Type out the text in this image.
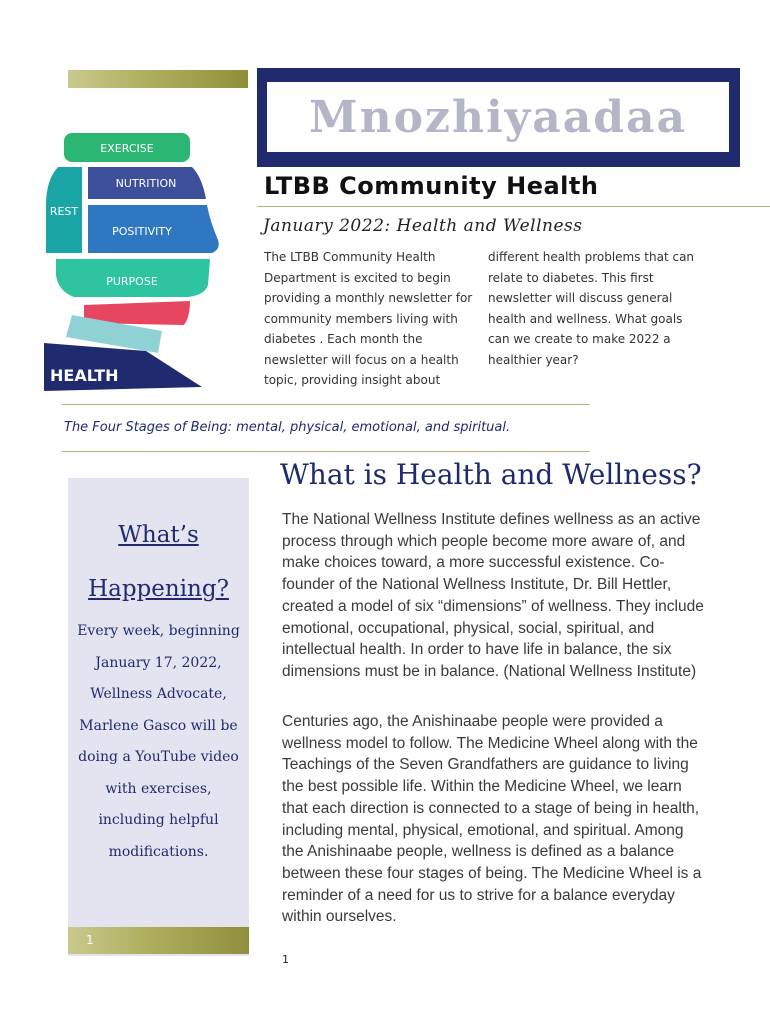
Mnozhiyaadaa
EXERCISE
REST
NUTRITION
POSITIVITY
PURPOSE
HEALTH
LTBB Community Health
January 2022: Health and Wellness
The LTBB Community Health Department is excited to begin providing a monthly newsletter for community members living with diabetes . Each month the newsletter will focus on a health topic, providing insight about
different health problems that can relate to diabetes. This first newsletter will discuss general health and wellness. What goals can we create to make 2022 a healthier year?
The Four Stages of Being: mental, physical, emotional, and spiritual.
What’s
Happening?
Every week, beginning January 17, 2022, Wellness Advocate, Marlene Gasco will be doing a YouTube video with exercises, including helpful modifications.
1
What is Health and Wellness?
The National Wellness Institute defines wellness as an active process through which people become more aware of, and make choices toward, a more successful existence. Co-founder of the National Wellness Institute, Dr. Bill Hettler, created a model of six “dimensions” of wellness. They include emotional, occupational, physical, social, spiritual, and intellectual health. In order to have life in balance, the six dimensions must be in balance. (National Wellness Institute)
Centuries ago, the Anishinaabe people were provided a wellness model to follow. The Medicine Wheel along with the Teachings of the Seven Grandfathers are guidance to living the best possible life. Within the Medicine Wheel, we learn that each direction is connected to a stage of being in health, including mental, physical, emotional, and spiritual. Among the Anishinaabe people, wellness is defined as a balance between these four stages of being. The Medicine Wheel is a reminder of a need for us to strive for a balance everyday within ourselves.
1
